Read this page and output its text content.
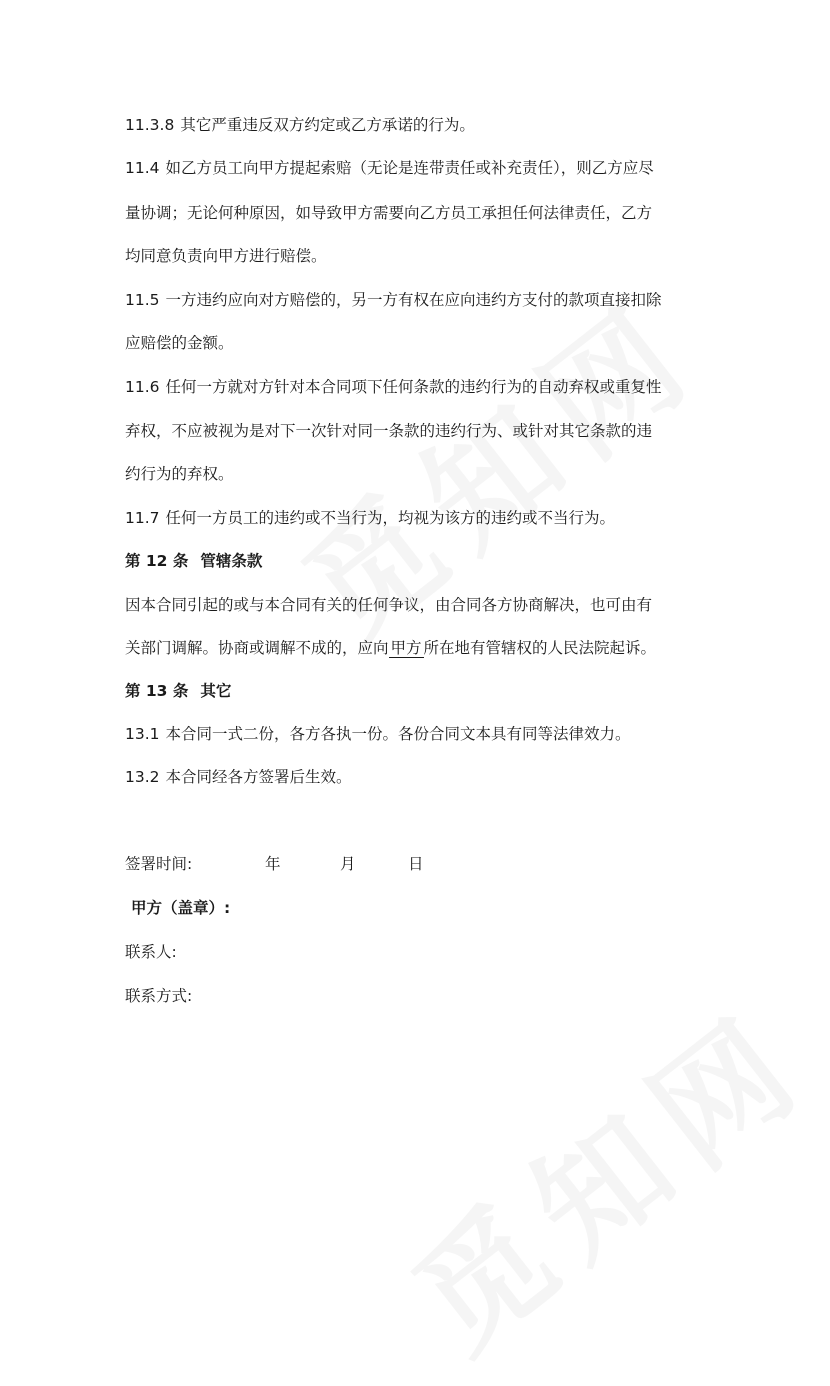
11.3.8 其它严重违反双方约定或乙方承诺的行为。
11.4 如乙方员工向甲方提起索赔（无论是连带责任或补充责任），则乙方应尽
量协调；无论何种原因，如导致甲方需要向乙方员工承担任何法律责任，乙方
均同意负责向甲方进行赔偿。
11.5 一方违约应向对方赔偿的，另一方有权在应向违约方支付的款项直接扣除
应赔偿的金额。
11.6 任何一方就对方针对本合同项下任何条款的违约行为的自动弃权或重复性
弃权，不应被视为是对下一次针对同一条款的违约行为、或针对其它条款的违
约行为的弃权。
11.7 任何一方员工的违约或不当行为，均视为该方的违约或不当行为。
第 12 条 管辖条款
因本合同引起的或与本合同有关的任何争议，由合同各方协商解决，也可由有
关部门调解。协商或调解不成的，应向 甲方 所在地有管辖权的人民法院起诉。
第 13 条 其它
13.1 本合同一式二份，各方各执一份。各份合同文本具有同等法律效力。
13.2 本合同经各方签署后生效。
签署时间:	年	月	日
甲方（盖章）:
联系人:
联系方式:
